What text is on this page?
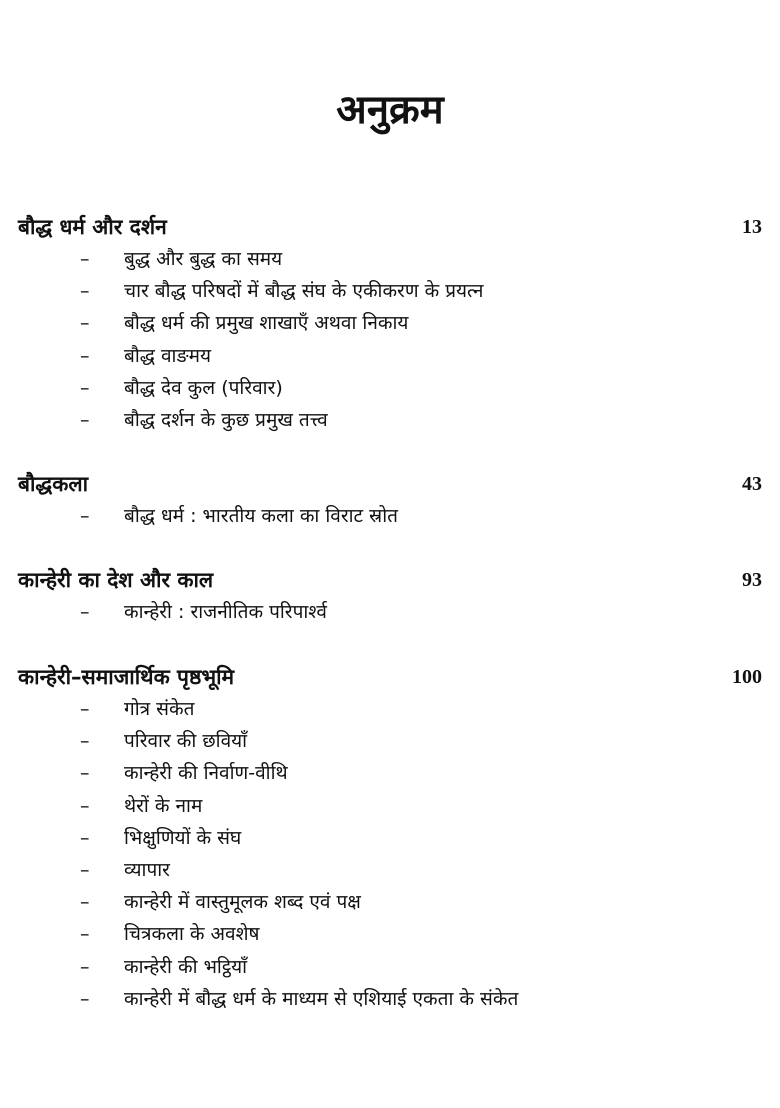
अनुक्रम
बौद्ध धर्म और दर्शन	13
– बुद्ध और बुद्ध का समय
– चार बौद्ध परिषदों में बौद्ध संघ के एकीकरण के प्रयत्न
– बौद्ध धर्म की प्रमुख शाखाएँ अथवा निकाय
– बौद्ध वाङमय
– बौद्ध देव कुल (परिवार)
– बौद्ध दर्शन के कुछ प्रमुख तत्त्व
बौद्धकला	43
– बौद्ध धर्म : भारतीय कला का विराट स्रोत
कान्हेरी का देश और काल	93
– कान्हेरी : राजनीतिक परिपार्श्व
कान्हेरी–समाजार्थिक पृष्ठभूमि	100
– गोत्र संकेत
– परिवार की छवियाँ
– कान्हेरी की निर्वाण-वीथि
– थेरों के नाम
– भिक्षुणियों के संघ
– व्यापार
– कान्हेरी में वास्तुमूलक शब्द एवं पक्ष
– चित्रकला के अवशेष
– कान्हेरी की भट्ठियाँ
– कान्हेरी में बौद्ध धर्म के माध्यम से एशियाई एकता के संकेत
